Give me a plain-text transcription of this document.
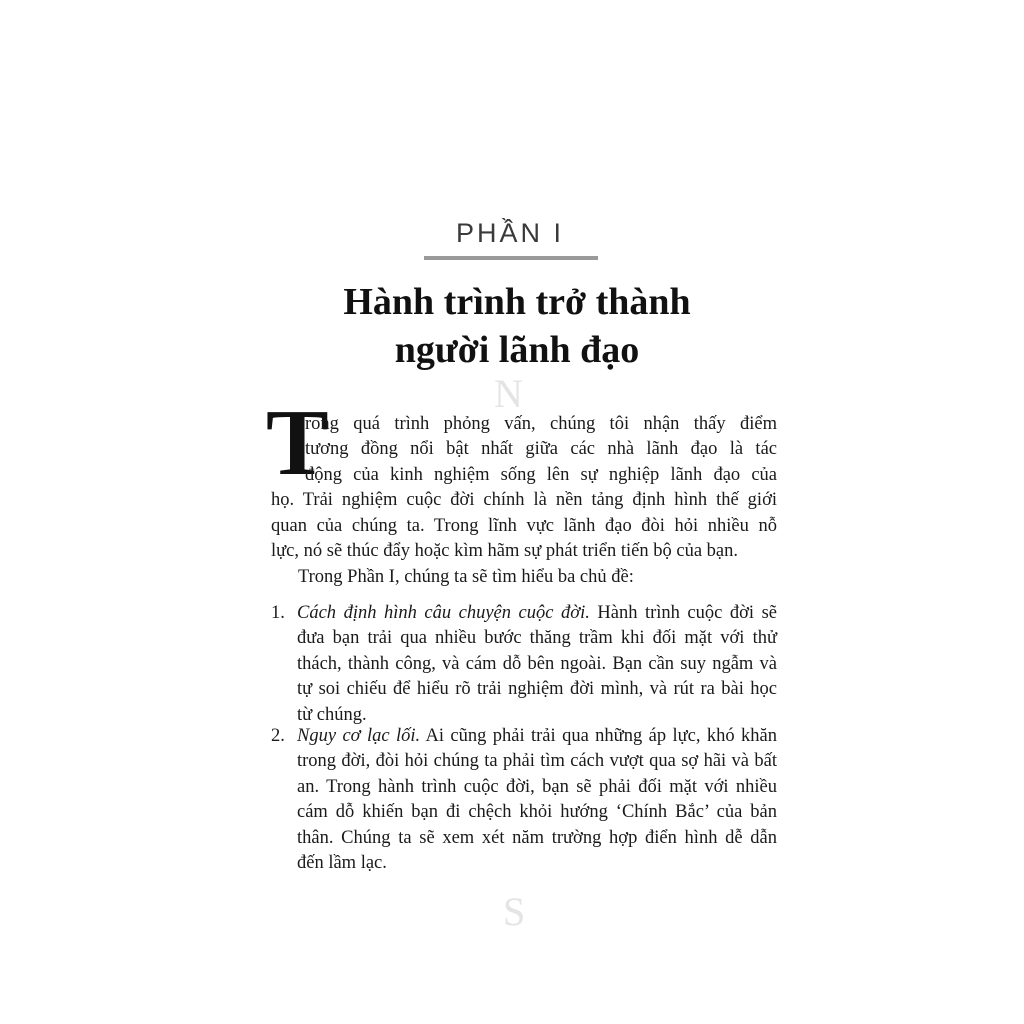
N
S
PHẦN I
Hành trình trở thành
người lãnh đạo
T
rong quá trình phỏng vấn, chúng tôi nhận thấy điểm
tương đồng nổi bật nhất giữa các nhà lãnh đạo là tác
động của kinh nghiệm sống lên sự nghiệp lãnh đạo của
họ. Trải nghiệm cuộc đời chính là nền tảng định hình thế giới
quan của chúng ta. Trong lĩnh vực lãnh đạo đòi hỏi nhiều nỗ
lực, nó sẽ thúc đẩy hoặc kìm hãm sự phát triển tiến bộ của bạn.
Trong Phần I, chúng ta sẽ tìm hiểu ba chủ đề:
1. Cách định hình câu chuyện cuộc đời. Hành trình cuộc đời sẽ
đưa bạn trải qua nhiều bước thăng trầm khi đối mặt với thử
thách, thành công, và cám dỗ bên ngoài. Bạn cần suy ngẫm và
tự soi chiếu để hiểu rõ trải nghiệm đời mình, và rút ra bài học
từ chúng.
2. Nguy cơ lạc lối. Ai cũng phải trải qua những áp lực, khó khăn
trong đời, đòi hỏi chúng ta phải tìm cách vượt qua sợ hãi và bất
an. Trong hành trình cuộc đời, bạn sẽ phải đối mặt với nhiều
cám dỗ khiến bạn đi chệch khỏi hướng ‘Chính Bắc’ của bản
thân. Chúng ta sẽ xem xét năm trường hợp điển hình dễ dẫn
đến lầm lạc.
